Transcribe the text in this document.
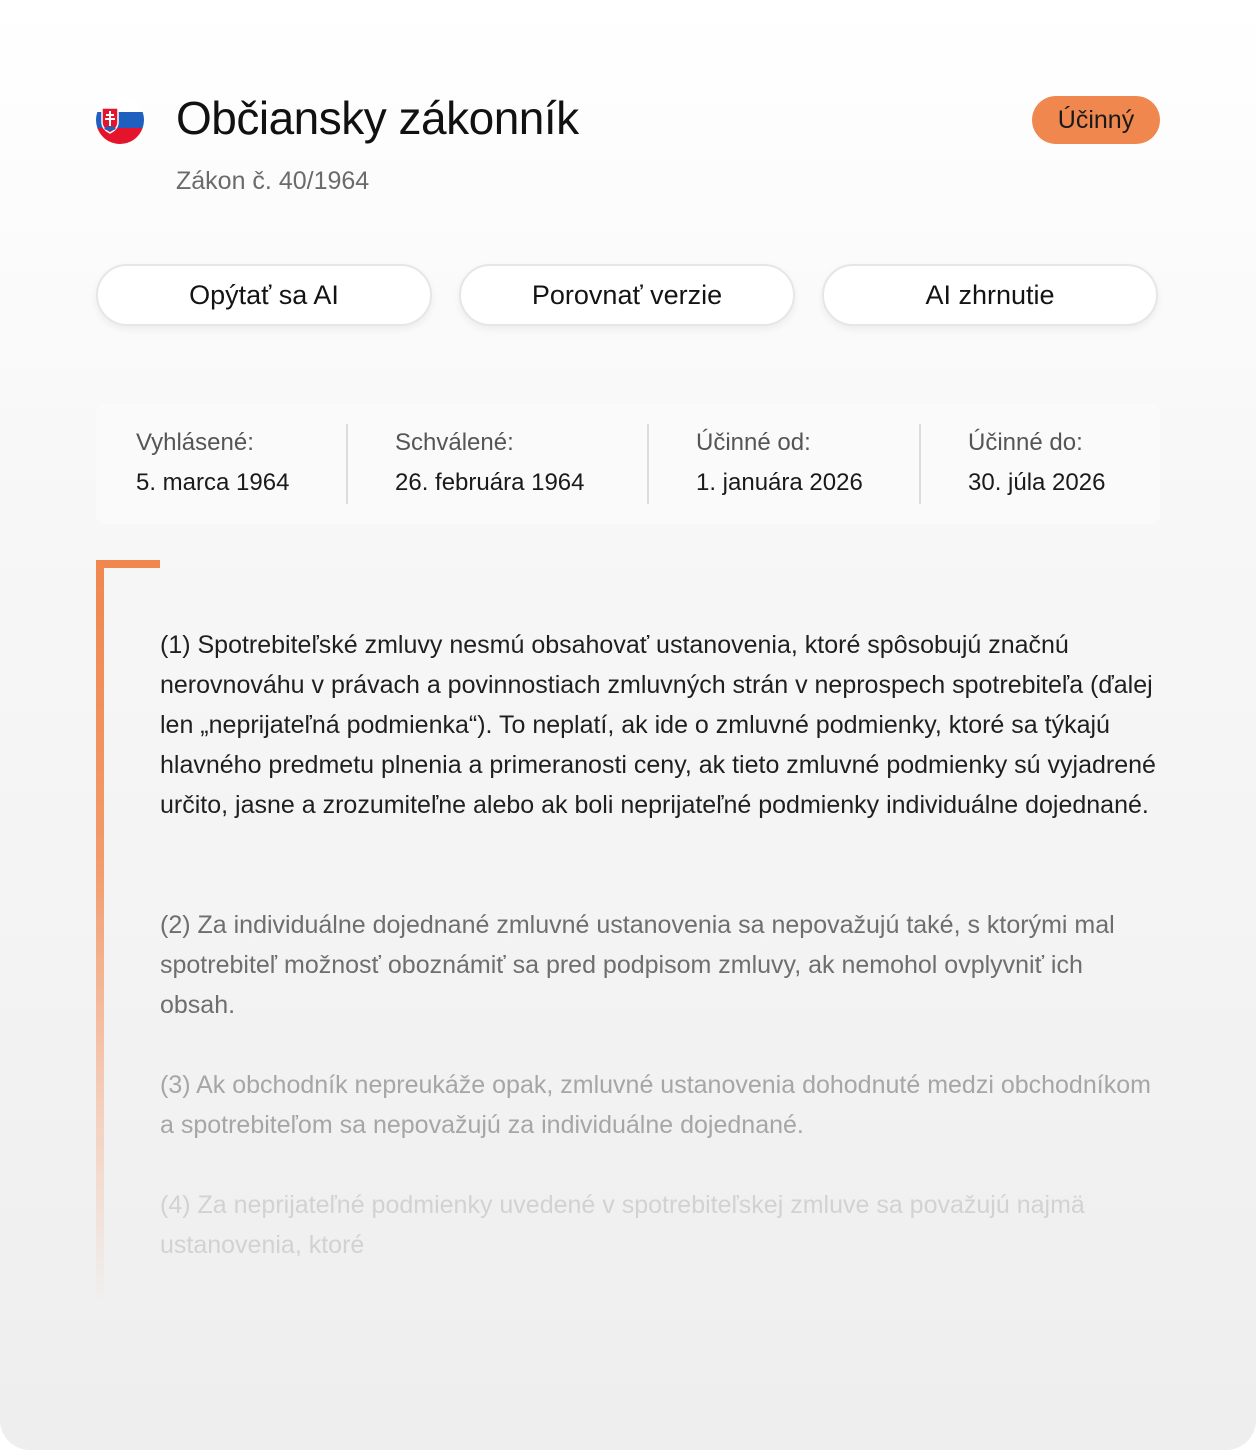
Občiansky zákonník
Zákon č. 40/1964
Účinný
Opýtať sa AI	Porovnať verzie	AI zhrnutie
Vyhlásené:
5. marca 1964
Schválené:
26. februára 1964
Účinné od:
1. januára 2026
Účinné do:
30. júla 2026

(1) Spotrebiteľské zmluvy nesmú obsahovať ustanovenia, ktoré spôsobujú značnú nerovnováhu v právach a povinnostiach zmluvných strán v neprospech spotrebiteľa (ďalej len „neprijateľná podmienka“). To neplatí, ak ide o zmluvné podmienky, ktoré sa týkajú hlavného predmetu plnenia a primeranosti ceny, ak tieto zmluvné podmienky sú vyjadrené určito, jasne a zrozumiteľne alebo ak boli neprijateľné podmienky individuálne dojednané.

(2) Za individuálne dojednané zmluvné ustanovenia sa nepovažujú také, s ktorými mal spotrebiteľ možnosť oboznámiť sa pred podpisom zmluvy, ak nemohol ovplyvniť ich obsah.

(3) Ak obchodník nepreukáže opak, zmluvné ustanovenia dohodnuté medzi obchodníkom a spotrebiteľom sa nepovažujú za individuálne dojednané.

(4) Za neprijateľné podmienky uvedené v spotrebiteľskej zmluve sa považujú najmä ustanovenia, ktoré
